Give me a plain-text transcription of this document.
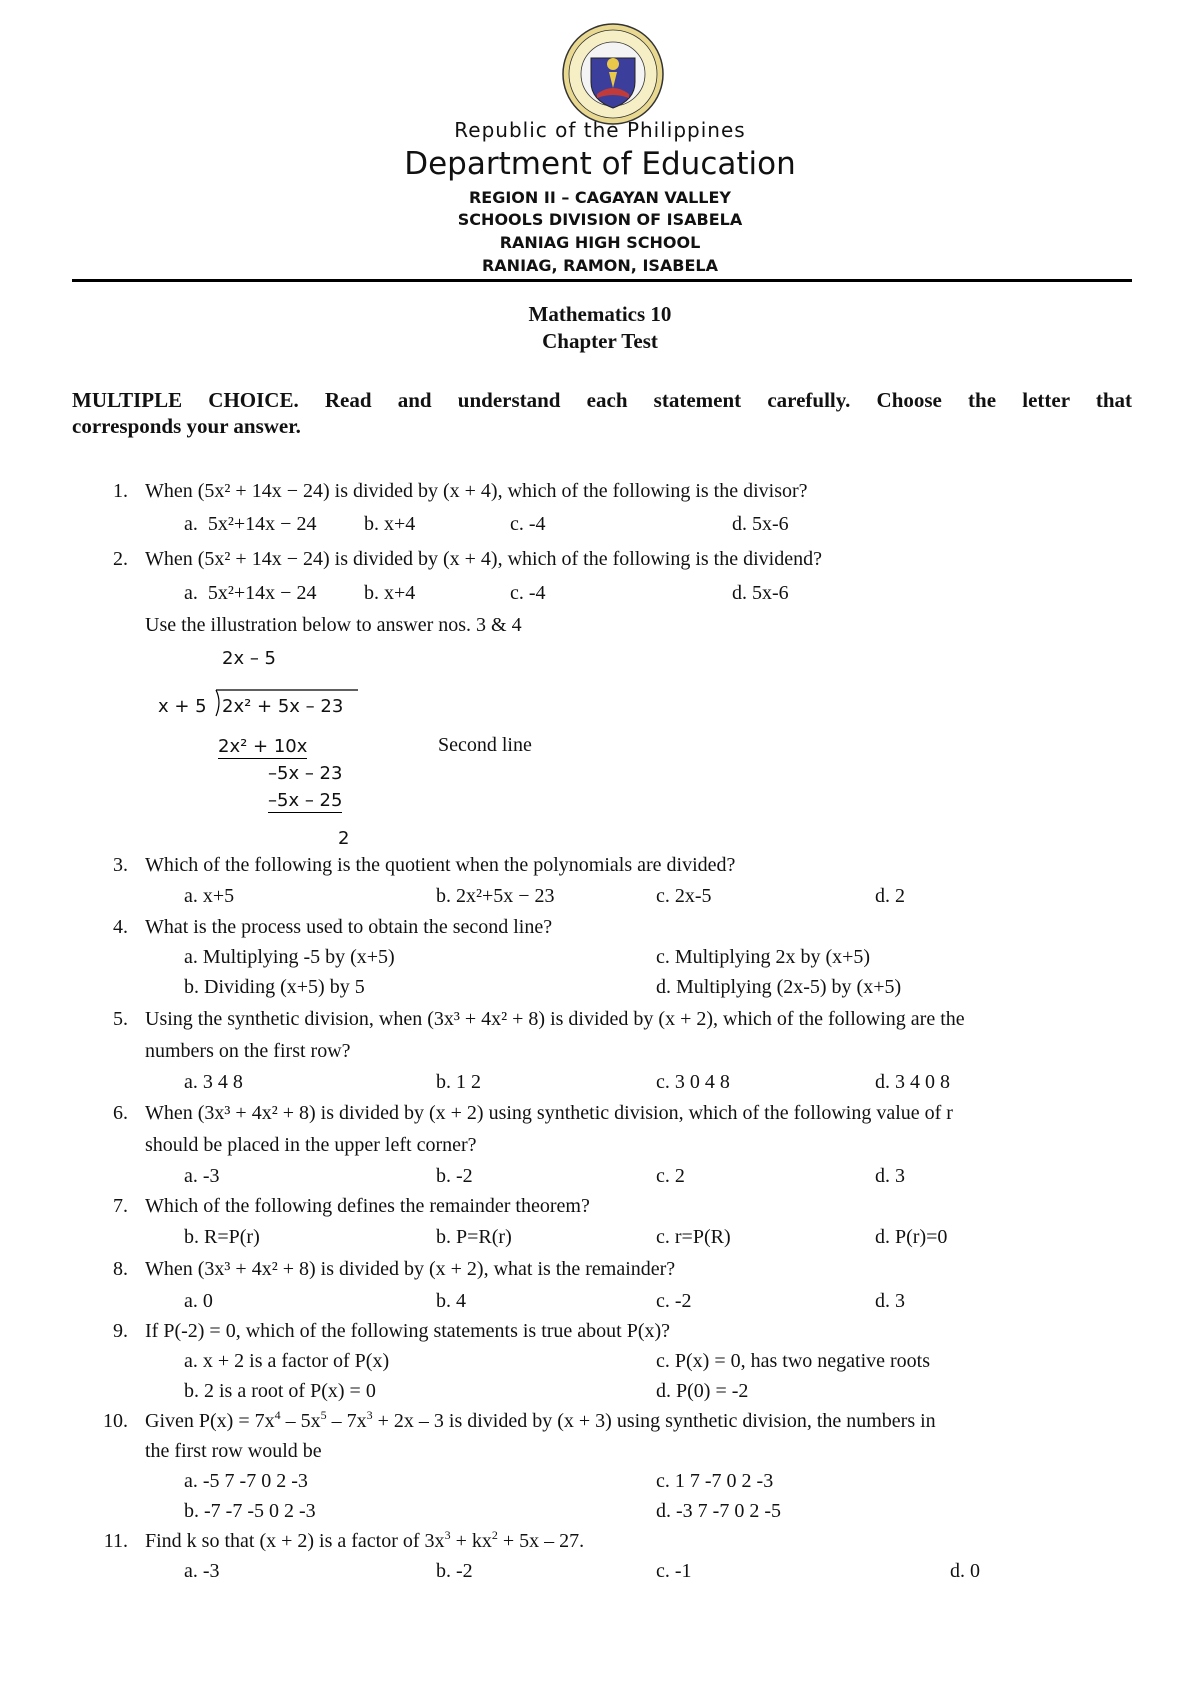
Republic of the Philippines
Department of Education
REGION II – CAGAYAN VALLEY
SCHOOLS DIVISION OF ISABELA
RANIAG HIGH SCHOOL
RANIAG, RAMON, ISABELA
Mathematics 10
Chapter Test
MULTIPLE CHOICE. Read and understand each statement carefully. Choose the letter that
corresponds your answer.
1. When (5x² + 14x − 24) is divided by (x + 4), which of the following is the divisor?
a. 5x²+14x − 24 b. x+4	c. -4	d. 5x-6
2. When (5x² + 14x − 24) is divided by (x + 4), which of the following is the dividend?
a. 5x²+14x − 24 b. x+4	c. -4	d. 5x-6
Use the illustration below to answer nos. 3 & 4
2x – 5
x + 5 2x² + 5x – 23
2x² + 10x	Second line
–5x – 23
–5x – 25
2
3. Which of the following is the quotient when the polynomials are divided?
a. x+5	b. 2x²+5x − 23	c. 2x-5	d. 2
4. What is the process used to obtain the second line?
a. Multiplying -5 by (x+5)	c. Multiplying 2x by (x+5)
b. Dividing (x+5) by 5	d. Multiplying (2x-5) by (x+5)
5. Using the synthetic division, when (3x³ + 4x² + 8) is divided by (x + 2), which of the following are the
numbers on the first row?
a. 3 4 8	b. 1 2	c. 3 0 4 8	d. 3 4 0 8
6. When (3x³ + 4x² + 8) is divided by (x + 2) using synthetic division, which of the following value of r
should be placed in the upper left corner?
a. -3	b. -2	c. 2	d. 3
7. Which of the following defines the remainder theorem?
b. R=P(r)	b. P=R(r)	c. r=P(R)	d. P(r)=0
8. When (3x³ + 4x² + 8) is divided by (x + 2), what is the remainder?
a. 0	b. 4	c. -2	d. 3
9. If P(-2) = 0, which of the following statements is true about P(x)?
a. x + 2 is a factor of P(x)	c. P(x) = 0, has two negative roots
b. 2 is a root of P(x) = 0	d. P(0) = -2
10. Given $P(x) = 7x^4 - 5x^5 - 7x^3 + 2x - 3$ is divided by (x + 3) using synthetic division, the numbers in
the first row would be
a. -5 7 -7 0 2 -3	c. 1 7 -7 0 2 -3
b. -7 -7 -5 0 2 -3	d. -3 7 -7 0 2 -5
11. Find k so that (x + 2) is a factor of $3x^3 + kx^2 + 5x - 27$.
a. -3	b. -2	c. -1	d. 0
